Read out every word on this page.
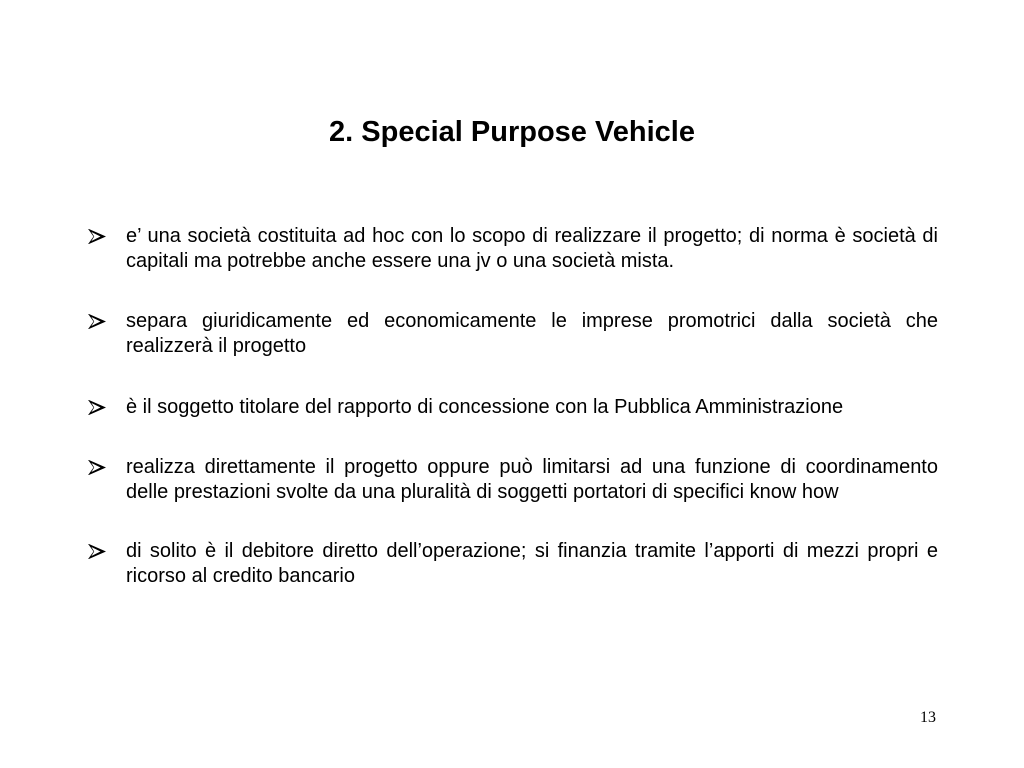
2. Special Purpose Vehicle
e’ una società costituita ad hoc con lo scopo di realizzare il progetto; di norma è società di capitali ma potrebbe anche essere una jv o una società mista.
separa giuridicamente ed economicamente le imprese promotrici dalla società che realizzerà il progetto
è il soggetto titolare del rapporto di concessione con la Pubblica Amministrazione
realizza direttamente il progetto oppure può limitarsi ad una funzione di coordinamento delle prestazioni svolte da una pluralità di soggetti portatori di specifici know how
di solito è il debitore diretto dell’operazione; si finanzia tramite l’apporti di mezzi propri e ricorso al credito bancario
13
